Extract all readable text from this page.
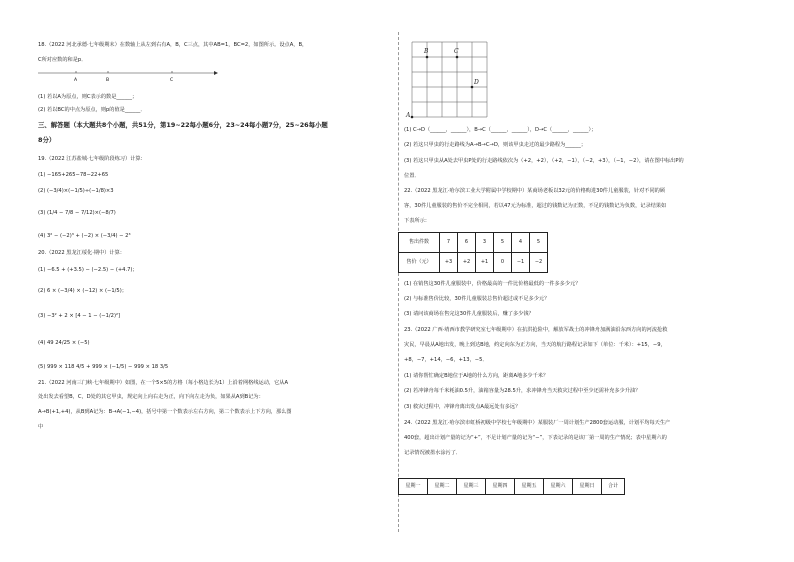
18.（2022 河北承德·七年级期末）在数轴上从左到右有A，B，C三点，其中AB=1，BC=2，如图所示。设点A，B，
C所对应数的和是p．
A	B	C
(1) 若以A为原点，则C表示的数是______；
(2) 若以BC的中点为原点，则p的值是______．
三、解答题（本大题共8个小题，共51分，第19~22每小题6分，23~24每小题7分，25~26每小题
8分）
19.（2022 江苏盐城·七年级阶段练习）计算：
(1) −165+265−78−22+65
(2) (−3/4)×(−1/5)÷(−1/8)×3
(3) (1/4 − 7/8 − 7/12)×(−8/7)
(4) 3² − (−2)³ + (−2) × (−3/4) − 2³
20.（2022 黑龙江绥化·期中）计算：
(1) −6.5 + (+3.5) − (−2.5) − (+4.7)；
(2) 6 × (−3/4) × (−12) × (−1/5)；
(3) −3² + 2 × [4 − 1 − (−1/2)²]
(4) 49 24/25 × (−5)
(5) 999 × 118 4/5 + 999 × (−1/5) − 999 × 18 3/5
21.（2022 河南三门峡·七年级期中）如图，在一个5×5的方格（每小格边长为1）上沿着网格线运动，它从A
处出发去看望B，C，D处的其它甲虫，规定向上向右走为正，向下向左走为负，如果从A到B记为：
A→B(+1,+4)，从B到A记为：B→A(−1,−4)，括号中第一个数表示左右方向，第二个数表示上下方向，那么图
中
B	C
D
A
(1) C→D（______，______），B→C（______，______），D→C（______，______）；
(2) 若这只甲虫的行走路线为A→B→C→D，则该甲虫走过的最少路程为______；
(3) 若这只甲虫从A处去甲虫P处的行走路线依次为（+2，+2），（+2，−1），（−2，+3），（−1，−2），请在图中标出P的
位置．
22.（2022 黑龙江·哈尔滨工业大学附属中学校期中）某商场老板以32元的价格购进30件儿童服装，针对不同的顾
客，30件儿童服装的售价不完全相同，若以47元为标准，超过的钱数记为正数，不足的钱数记为负数，记录结果如
下表所示：
售出件数	7	6	3	5	4	5
售价（元）	+3	+2	+1	0	−1	−2
(1) 在销售这30件儿童服装中，价格最高的一件比价格最低的一件多多少元？
(2) 与标准售价比较，30件儿童服装总售价超过或不足多少元？
(3) 请问该商场在售完这30件儿童服装后，赚了多少钱？
23.（2022 广西·靖西市教学研究室七年级期中）在抗洪抢险中，解放军战士的冲锋舟加满油沿东西方向的河流抢救
灾民，早晨从A地出发，晚上到达B地，约定向东为正方向，当天的航行路程记录如下（单位：千米）：+15，−9，
+8，−7，+14，−6，+13，−5．
(1) 请你帮忙确定B地位于A地的什么方向，距离A地多少千米？
(2) 若冲锋舟每千米耗油0.5升，油箱容量为28.5升，求冲锋舟当天救灾过程中至少还需补充多少升油？
(3) 救灾过程中，冲锋舟离出发点A最远处有多远？
24.（2022 黑龙江·哈尔滨市虹桥初级中学校七年级期中）某服装厂一周计划生产2800套运动服，计划平均每天生产
400套，超出计划产量的记为“+”，不足计划产量的记为“−”，下表记录的是该厂第一周的生产情况；表中星期六的
记录情况被墨水涂污了．
星期一	星期二	星期三	星期四	星期五	星期六	星期日	合计
